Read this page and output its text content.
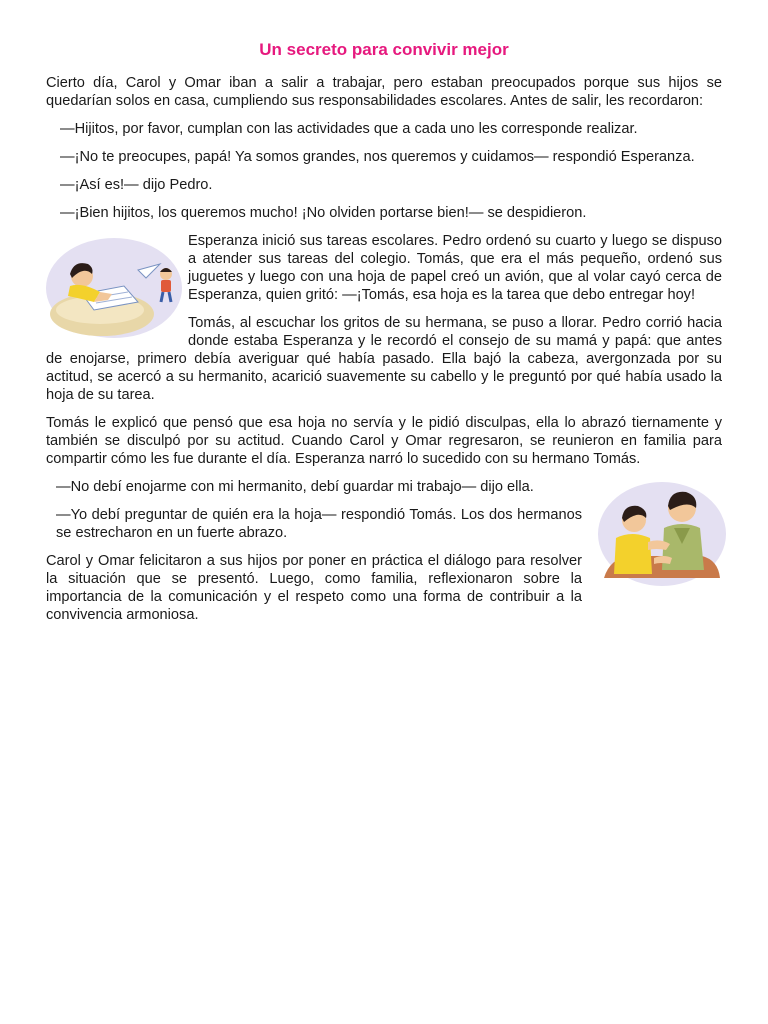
Un secreto para convivir mejor

Cierto día, Carol y Omar iban a salir a trabajar, pero estaban preocupados porque sus hijos se quedarían solos en casa, cumpliendo sus responsabilidades escolares. Antes de salir, les recordaron:

—Hijitos, por favor, cumplan con las actividades que a cada uno les corresponde realizar.

—¡No te preocupes, papá! Ya somos grandes, nos queremos y cuidamos— respondió Esperanza.

—¡Así es!— dijo Pedro.

—¡Bien hijitos, los queremos mucho! ¡No olviden portarse bien!— se despidieron.

Esperanza inició sus tareas escolares. Pedro ordenó su cuarto y luego se dispuso a atender sus tareas del colegio. Tomás, que era el más pequeño, ordenó sus juguetes y luego con una hoja de papel creó un avión, que al volar cayó cerca de Esperanza, quien gritó: —¡Tomás, esa hoja es la tarea que debo entregar hoy!

Tomás, al escuchar los gritos de su hermana, se puso a llorar. Pedro corrió hacia donde estaba Esperanza y le recordó el consejo de su mamá y papá: que antes de enojarse, primero debía averiguar qué había pasado. Ella bajó la cabeza, avergonzada por su actitud, se acercó a su hermanito, acarició suavemente su cabello y le preguntó por qué había usado la hoja de su tarea.

Tomás le explicó que pensó que esa hoja no servía y le pidió disculpas, ella lo abrazó tiernamente y también se disculpó por su actitud. Cuando Carol y Omar regresaron, se reunieron en familia para compartir cómo les fue durante el día. Esperanza narró lo sucedido con su hermano Tomás.

—No debí enojarme con mi hermanito, debí guardar mi trabajo— dijo ella.

—Yo debí preguntar de quién era la hoja— respondió Tomás. Los dos hermanos se estrecharon en un fuerte abrazo.

Carol y Omar felicitaron a sus hijos por poner en práctica el diálogo para resolver la situación que se presentó. Luego, como familia, reflexionaron sobre la importancia de la comunicación y el respeto como una forma de contribuir a la convivencia armoniosa.
